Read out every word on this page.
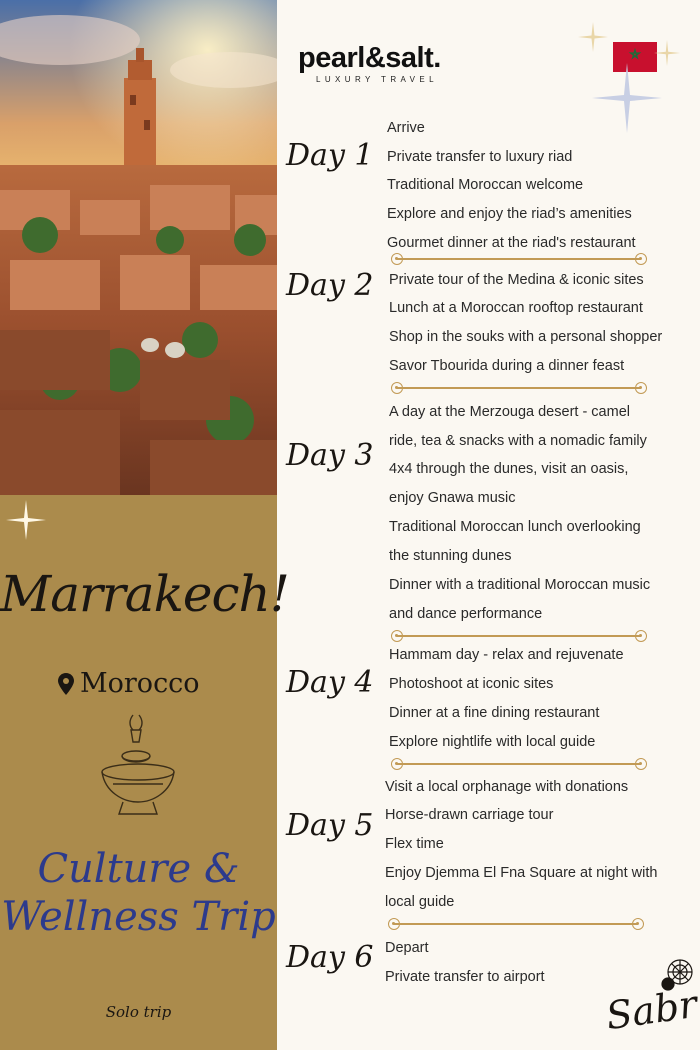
Marrakech!
Morocco
Culture &
Wellness Trip
Solo trip
pearl&salt.
LUXURY TRAVEL
Day 1
Arrive
Private transfer to luxury riad
Traditional Moroccan welcome
Explore and enjoy the riad’s amenities
Gourmet dinner at the riad's restaurant
Day 2 Private tour of the Medina & iconic sites
Lunch at a Moroccan rooftop restaurant
Shop in the souks with a personal shopper
Savor Tbourida during a dinner feast
Day 3
A day at the Merzouga desert - camel
ride, tea & snacks with a nomadic family
4x4 through the dunes, visit an oasis,
enjoy Gnawa music
Traditional Moroccan lunch overlooking
the stunning dunes
Dinner with a traditional Moroccan music
and dance performance
Day 4
Hammam day - relax and rejuvenate
Photoshoot at iconic sites
Dinner at a fine dining restaurant
Explore nightlife with local guide
Day 5
Visit a local orphanage with donations
Horse-drawn carriage tour
Flex time
Enjoy Djemma El Fna Square at night with
local guide
Day 6 Depart
Private transfer to airport
Sabr
